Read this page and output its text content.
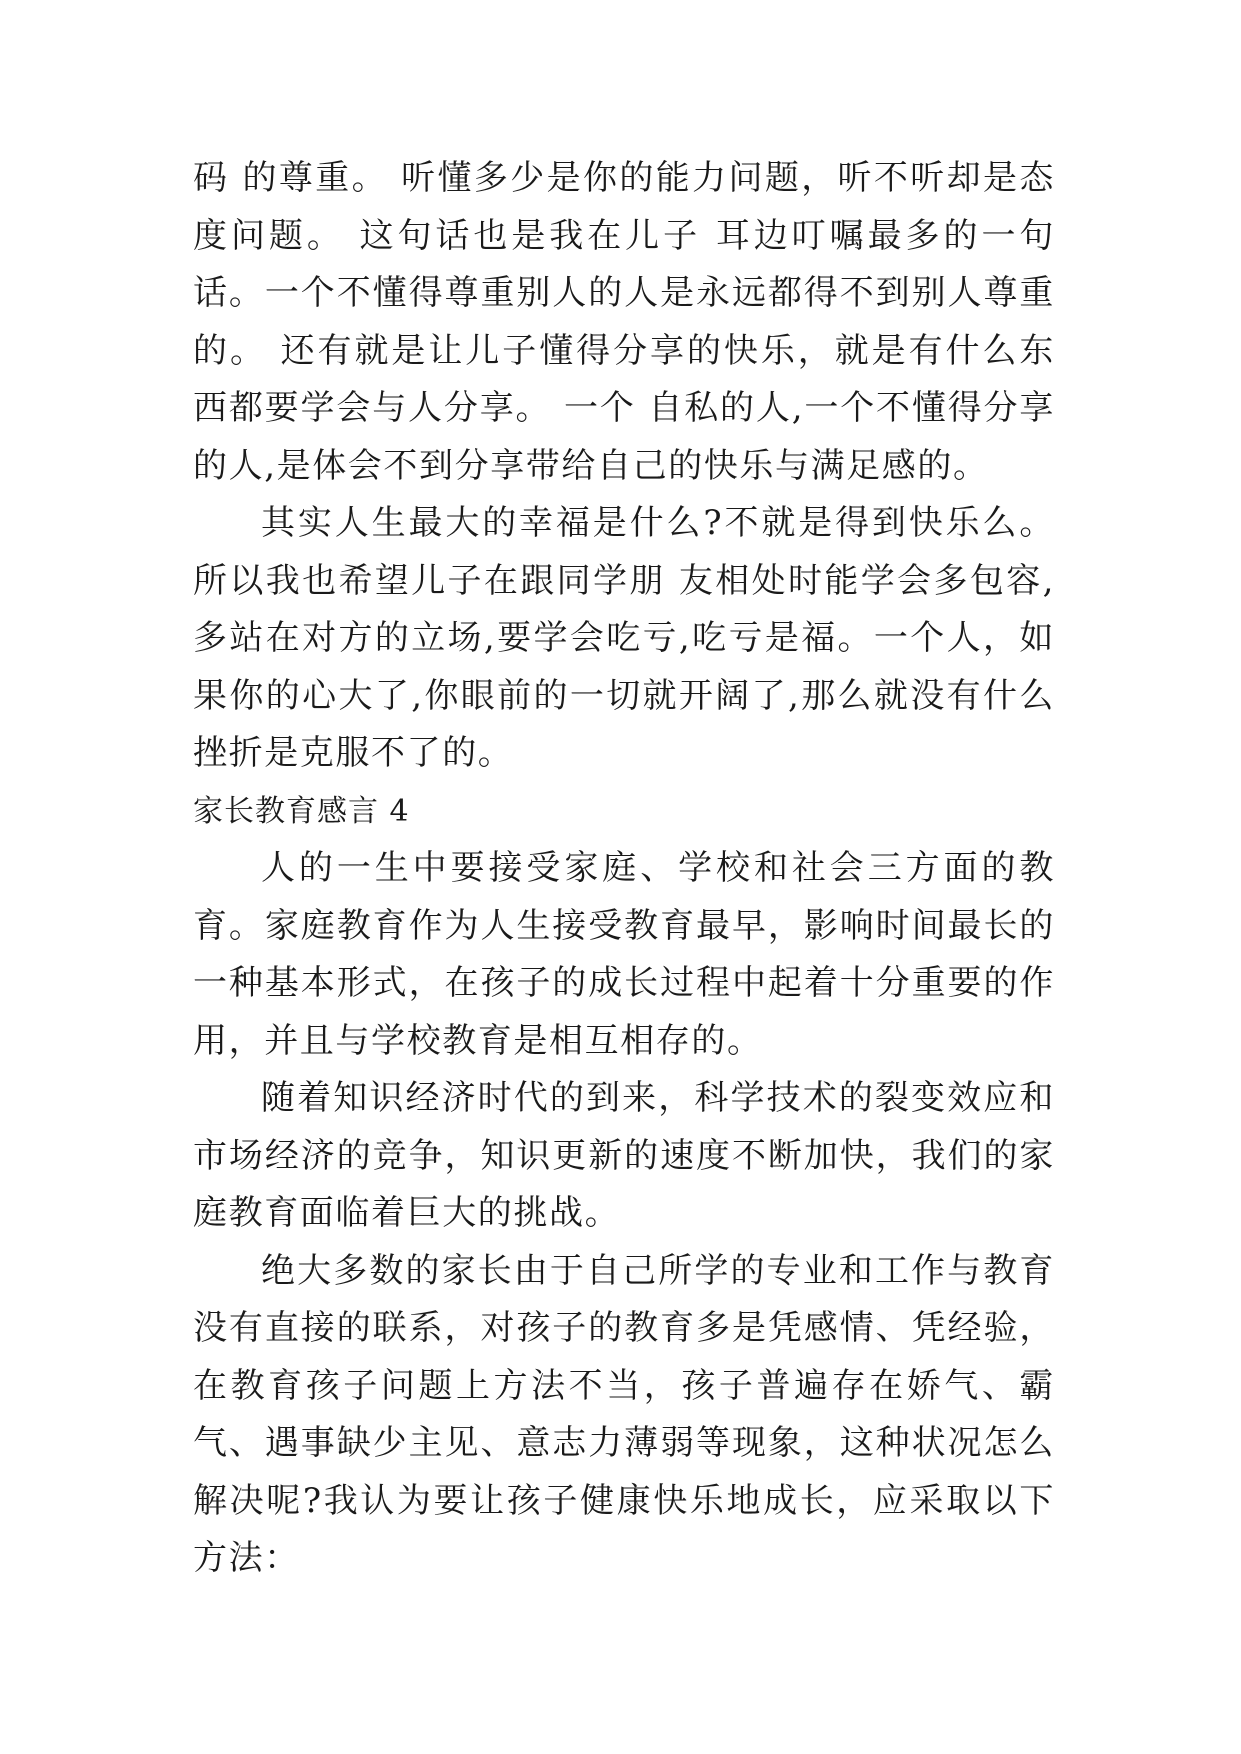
码 的尊重。 听懂多少是你的能力问题，听不听却是态度问题。 这句话也是我在儿子 耳边叮嘱最多的一句话。一个不懂得尊重别人的人是永远都得不到别人尊重的。 还有就是让儿子懂得分享的快乐，就是有什么东西都要学会与人分享。 一个 自私的人,一个不懂得分享的人,是体会不到分享带给自己的快乐与满足感的。

其实人生最大的幸福是什么?不就是得到快乐么。 所以我也希望儿子在跟同学朋 友相处时能学会多包容,多站在对方的立场,要学会吃亏,吃亏是福。一个人，如果你的心大了,你眼前的一切就开阔了,那么就没有什么挫折是克服不了的。

家长教育感言 4

人的一生中要接受家庭、学校和社会三方面的教育。家庭教育作为人生接受教育最早，影响时间最长的一种基本形式，在孩子的成长过程中起着十分重要的作用，并且与学校教育是相互相存的。

随着知识经济时代的到来，科学技术的裂变效应和市场经济的竞争，知识更新的速度不断加快，我们的家庭教育面临着巨大的挑战。

绝大多数的家长由于自己所学的专业和工作与教育没有直接的联系，对孩子的教育多是凭感情、凭经验，在教育孩子问题上方法不当，孩子普遍存在娇气、霸气、遇事缺少主见、意志力薄弱等现象，这种状况怎么解决呢?我认为要让孩子健康快乐地成长，应采取以下方法：
